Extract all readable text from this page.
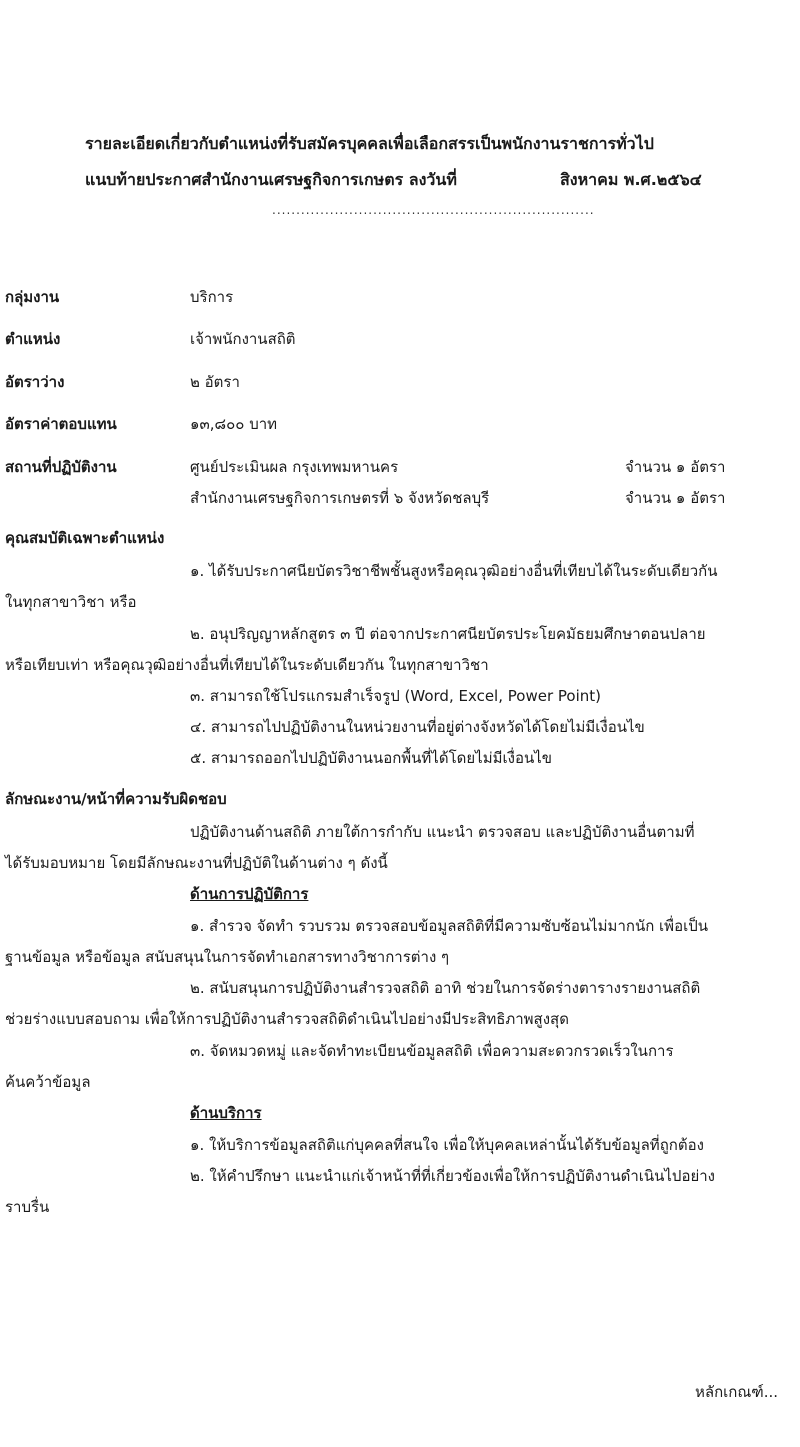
รายละเอียดเกี่ยวกับตำแหน่งที่รับสมัครบุคคลเพื่อเลือกสรรเป็นพนักงานราชการทั่วไป
แนบท้ายประกาศสำนักงานเศรษฐกิจการเกษตร ลงวันที่	สิงหาคม พ.ศ.๒๕๖๔
...................................................................
กลุ่มงาน	บริการ
ตำแหน่ง	เจ้าพนักงานสถิติ
อัตราว่าง	๒ อัตรา
อัตราค่าตอบแทน	๑๓,๘๐๐ บาท
สถานที่ปฏิบัติงาน	ศูนย์ประเมินผล กรุงเทพมหานคร	จำนวน ๑ อัตรา
สำนักงานเศรษฐกิจการเกษตรที่ ๖ จังหวัดชลบุรี	จำนวน ๑ อัตรา
คุณสมบัติเฉพาะตำแหน่ง
๑. ได้รับประกาศนียบัตรวิชาชีพชั้นสูงหรือคุณวุฒิอย่างอื่นที่เทียบได้ในระดับเดียวกัน
ในทุกสาขาวิชา หรือ
๒. อนุปริญญาหลักสูตร ๓ ปี ต่อจากประกาศนียบัตรประโยคมัธยมศึกษาตอนปลาย
หรือเทียบเท่า หรือคุณวุฒิอย่างอื่นที่เทียบได้ในระดับเดียวกัน ในทุกสาขาวิชา
๓. สามารถใช้โปรแกรมสำเร็จรูป (Word, Excel, Power Point)
๔. สามารถไปปฏิบัติงานในหน่วยงานที่อยู่ต่างจังหวัดได้โดยไม่มีเงื่อนไข
๕. สามารถออกไปปฏิบัติงานนอกพื้นที่ได้โดยไม่มีเงื่อนไข
ลักษณะงาน/หน้าที่ความรับผิดชอบ
ปฏิบัติงานด้านสถิติ ภายใต้การกำกับ แนะนำ ตรวจสอบ และปฏิบัติงานอื่นตามที่
ได้รับมอบหมาย โดยมีลักษณะงานที่ปฏิบัติในด้านต่าง ๆ ดังนี้
ด้านการปฏิบัติการ
๑. สำรวจ จัดทำ รวบรวม ตรวจสอบข้อมูลสถิติที่มีความซับซ้อนไม่มากนัก เพื่อเป็น
ฐานข้อมูล หรือข้อมูล สนับสนุนในการจัดทำเอกสารทางวิชาการต่าง ๆ
๒. สนับสนุนการปฏิบัติงานสำรวจสถิติ อาทิ ช่วยในการจัดร่างตารางรายงานสถิติ
ช่วยร่างแบบสอบถาม เพื่อให้การปฏิบัติงานสำรวจสถิติดำเนินไปอย่างมีประสิทธิภาพสูงสุด
๓. จัดหมวดหมู่ และจัดทำทะเบียนข้อมูลสถิติ เพื่อความสะดวกรวดเร็วในการ
ค้นคว้าข้อมูล
ด้านบริการ
๑. ให้บริการข้อมูลสถิติแก่บุคคลที่สนใจ เพื่อให้บุคคลเหล่านั้นได้รับข้อมูลที่ถูกต้อง
๒. ให้คำปรึกษา แนะนำแก่เจ้าหน้าที่ที่เกี่ยวข้องเพื่อให้การปฏิบัติงานดำเนินไปอย่าง
ราบรื่น
หลักเกณฑ์...
